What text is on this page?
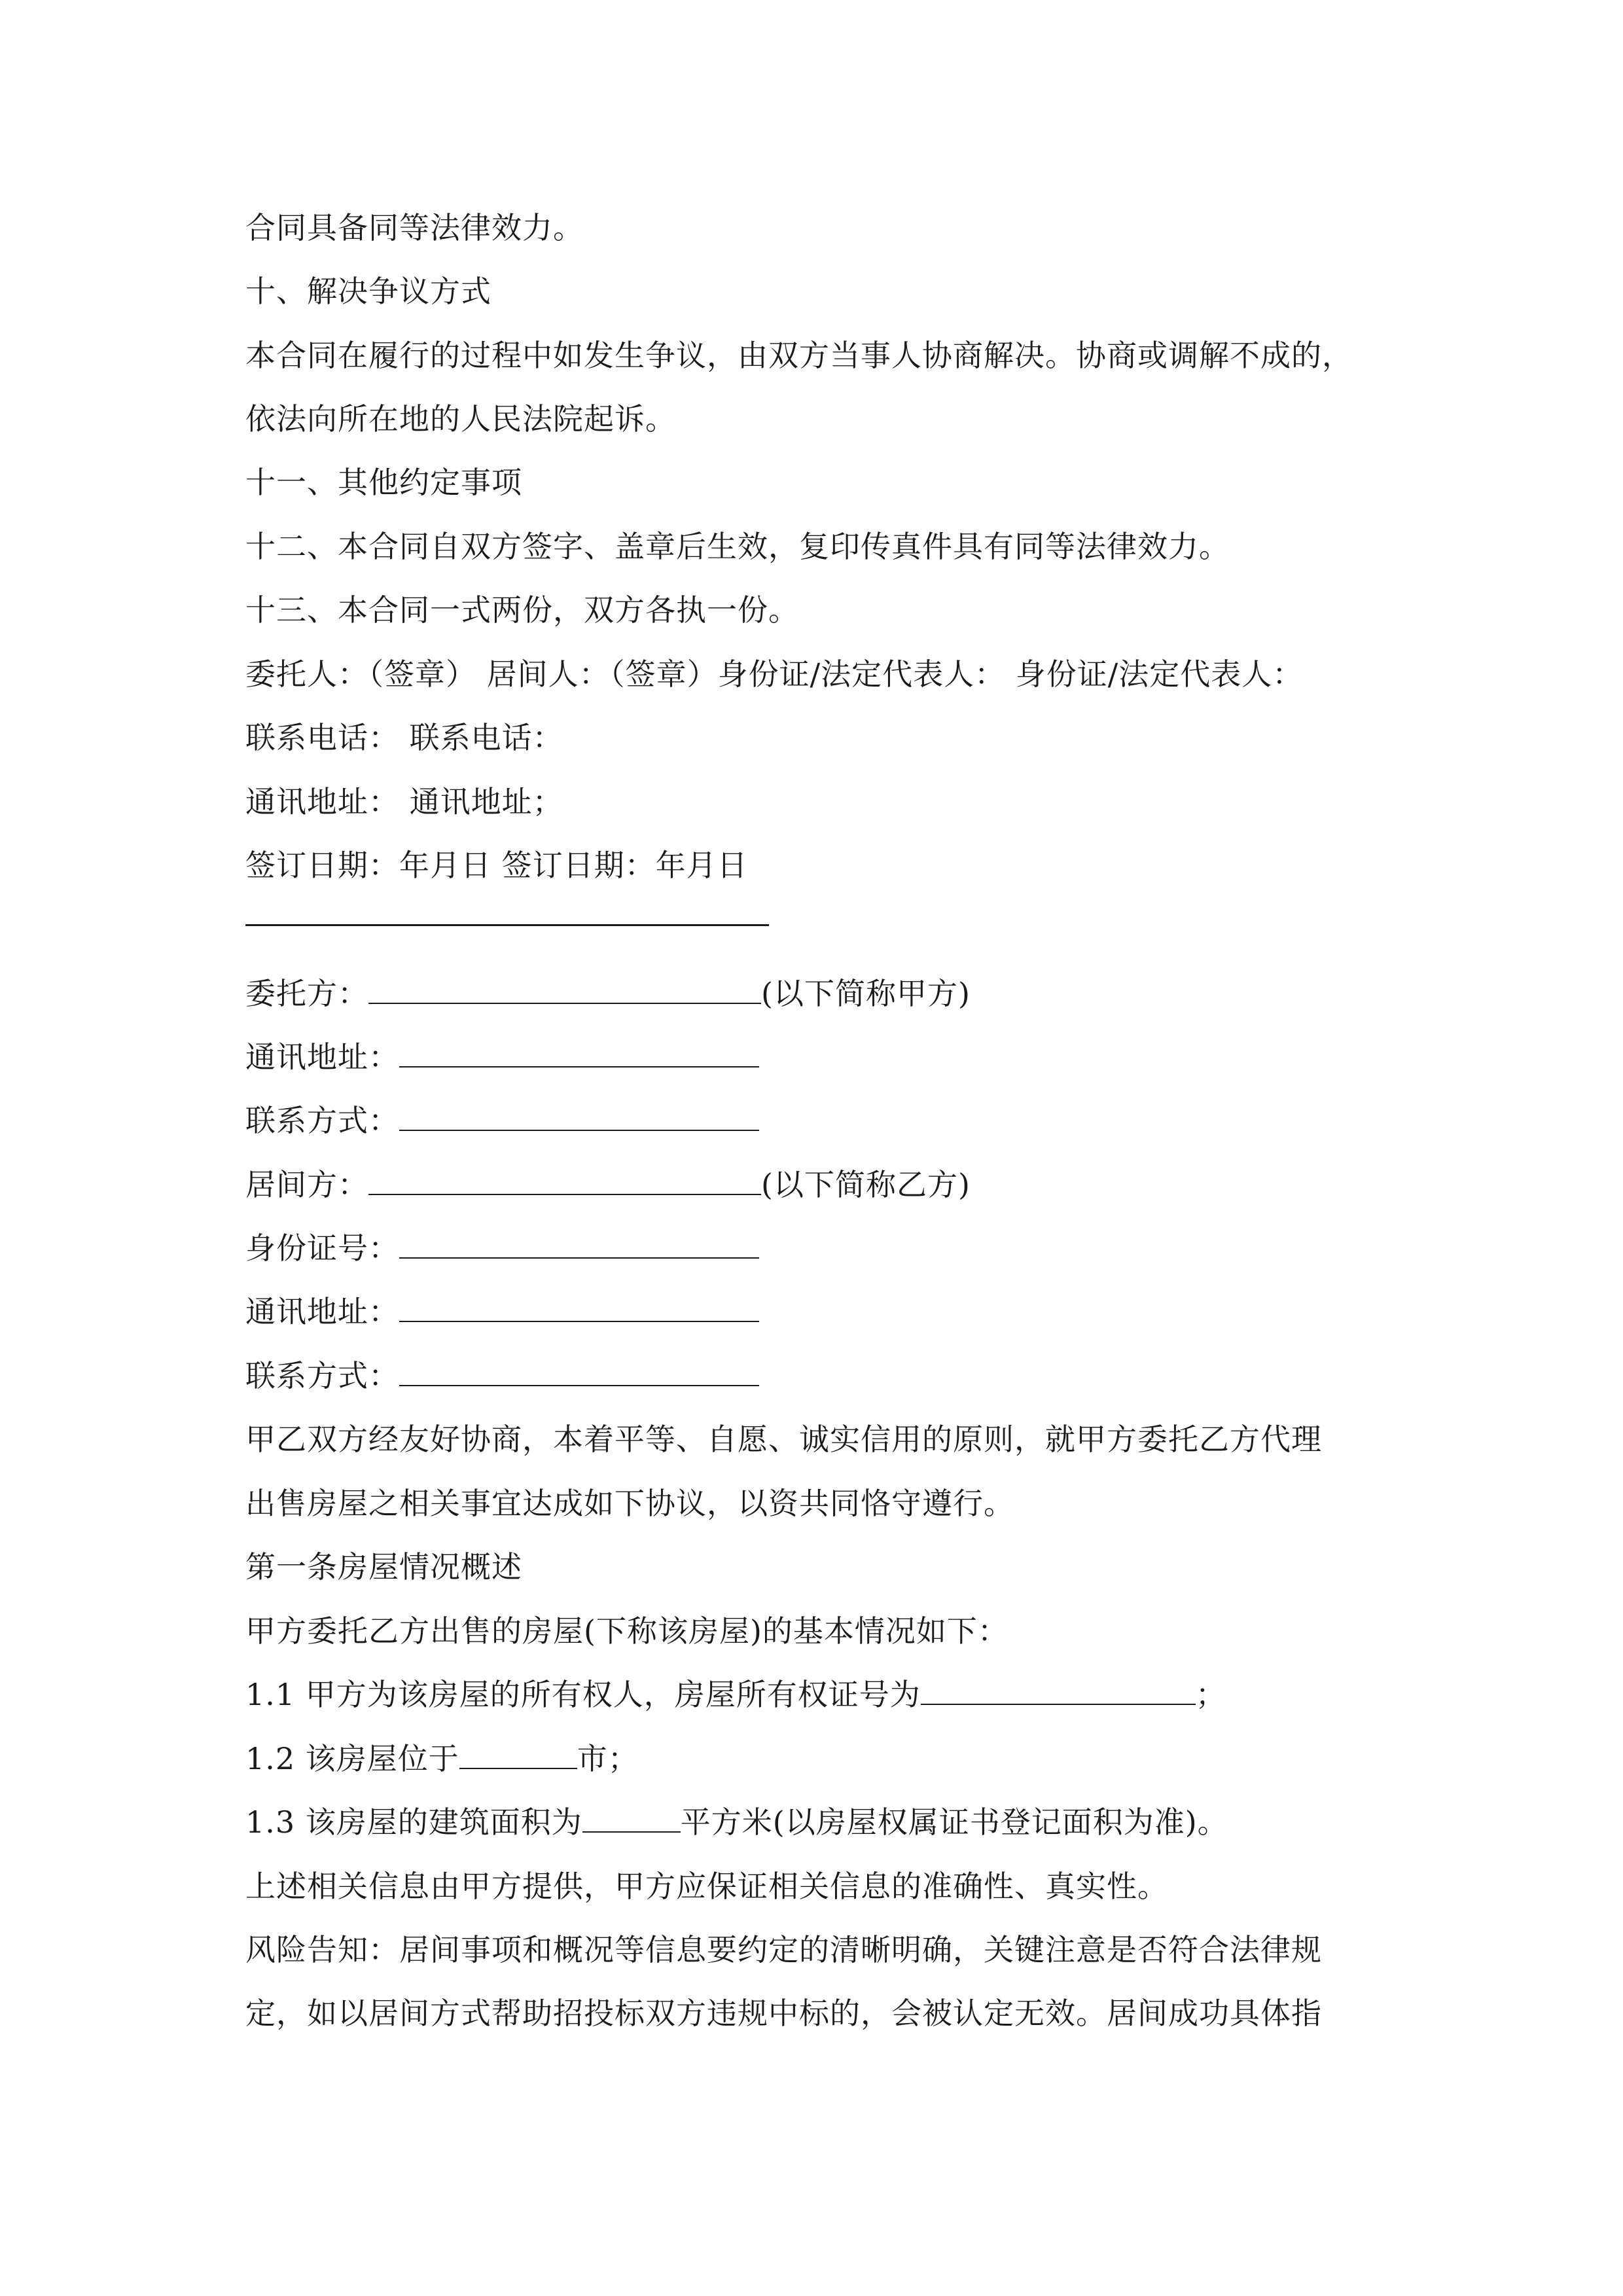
合同具备同等法律效力。
十、解决争议方式
本合同在履行的过程中如发生争议，由双方当事人协商解决。协商或调解不成的，
依法向所在地的人民法院起诉。
十一、其他约定事项
十二、本合同自双方签字、盖章后生效，复印传真件具有同等法律效力。
十三、本合同一式两份，双方各执一份。
委托人：（签章） 居间人：（签章）身份证/法定代表人： 身份证/法定代表人：
联系电话： 联系电话：
通讯地址： 通讯地址；
签订日期：年月日 签订日期：年月日
委托方：	(以下简称甲方)
通讯地址：
联系方式：
居间方：	(以下简称乙方)
身份证号：
通讯地址：
联系方式：
甲乙双方经友好协商，本着平等、自愿、诚实信用的原则，就甲方委托乙方代理
出售房屋之相关事宜达成如下协议，以资共同恪守遵行。
第一条房屋情况概述
甲方委托乙方出售的房屋(下称该房屋)的基本情况如下：
1.1 甲方为该房屋的所有权人，房屋所有权证号为	；
1.2 该房屋位于	市；
1.3 该房屋的建筑面积为	平方米(以房屋权属证书登记面积为准)。
上述相关信息由甲方提供，甲方应保证相关信息的准确性、真实性。
风险告知：居间事项和概况等信息要约定的清晰明确，关键注意是否符合法律规
定，如以居间方式帮助招投标双方违规中标的，会被认定无效。居间成功具体指
